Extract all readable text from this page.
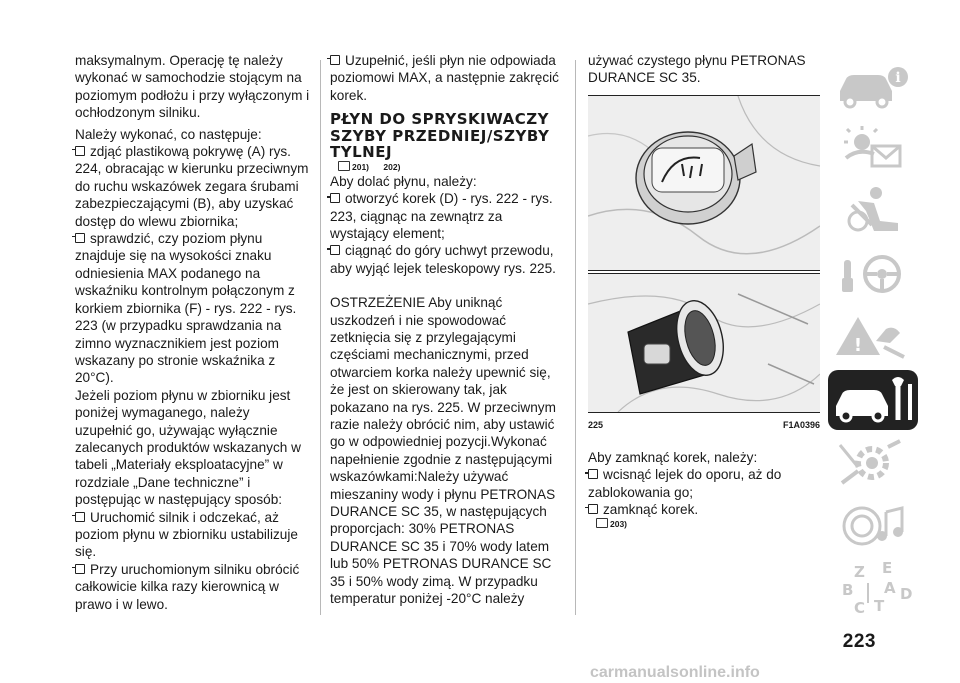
maksymalnym. Operację tę należy wykonać w samochodzie stojącym na poziomym podłożu i przy wyłączonym i ochłodzonym silniku.

Należy wykonać, co następuje:

zdjąć plastikową pokrywę (A) rys. 224, obracając w kierunku przeciwnym do ruchu wskazówek zegara śrubami zabezpieczającymi (B), aby uzyskać dostęp do wlewu zbiornika;

sprawdzić, czy poziom płynu znajduje się na wysokości znaku odniesienia MAX podanego na wskaźniku kontrolnym połączonym z korkiem zbiornika (F) - rys. 222 - rys. 223 (w przypadku sprawdzania na zimno wyznacznikiem jest poziom wskazany po stronie wskaźnika z 20°C).

Jeżeli poziom płynu w zbiorniku jest poniżej wymaganego, należy uzupełnić go, używając wyłącznie zalecanych produktów wskazanych w tabeli „Materiały eksploatacyjne” w rozdziale „Dane techniczne” i postępując w następujący sposób:

Uruchomić silnik i odczekać, aż poziom płynu w zbiorniku ustabilizuje się.

Przy uruchomionym silniku obrócić całkowicie kilka razy kierownicą w prawo i w lewo.

Uzupełnić, jeśli płyn nie odpowiada poziomowi MAX, a następnie zakręcić korek.

PŁYN DO SPRYSKIWACZY SZYBY PRZEDNIEJ/SZYBY TYLNEJ

201) 202)

Aby dolać płynu, należy:

otworzyć korek (D) - rys. 222 - rys. 223, ciągnąc na zewnątrz za wystający element;

ciągnąć do góry uchwyt przewodu, aby wyjąć lejek teleskopowy rys. 225.

OSTRZEŻENIE Aby uniknąć uszkodzeń i nie spowodować zetknięcia się z przylegającymi częściami mechanicznymi, przed otwarciem korka należy upewnić się, że jest on skierowany tak, jak pokazano na rys. 225. W przeciwnym razie należy obrócić nim, aby ustawić go w odpowiedniej pozycji.Wykonać napełnienie zgodnie z następującymi wskazówkami:Należy używać mieszaniny wody i płynu PETRONAS DURANCE SC 35, w następujących proporcjach: 30% PETRONAS DURANCE SC 35 i 70% wody latem lub 50% PETRONAS DURANCE SC 35 i 50% wody zimą. W przypadku temperatur poniżej -20°C należy

używać czystego płynu PETRONAS DURANCE SC 35.

225	F1A0396

Aby zamknąć korek, należy:

wcisnąć lejek do oporu, aż do zablokowania go;

zamknąć korek.

203)

i
!
Z E
A
B	D
C T
223
carmanualsonline.info
